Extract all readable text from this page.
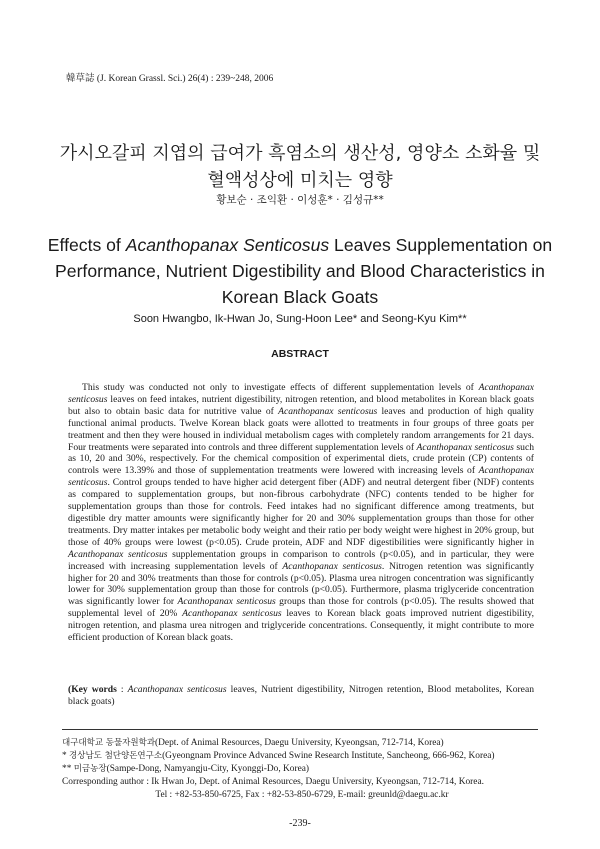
韓草誌 (J. Korean Grassl. Sci.) 26(4) : 239~248, 2006
가시오갈피 지엽의 급여가 흑염소의 생산성, 영양소 소화율 및
혈액성상에 미치는 영향
황보순 · 조익환 · 이성훈* · 김성규**
Effects of Acanthopanax Senticosus Leaves Supplementation on
Performance, Nutrient Digestibility and Blood Characteristics in
Korean Black Goats
Soon Hwangbo, Ik-Hwan Jo, Sung-Hoon Lee* and Seong-Kyu Kim**
ABSTRACT
This study was conducted not only to investigate effects of different supplementation levels of Acanthopanax senticosus leaves on feed intakes, nutrient digestibility, nitrogen retention, and blood metabolites in Korean black goats but also to obtain basic data for nutritive value of Acanthopanax senticosus leaves and production of high quality functional animal products. Twelve Korean black goats were allotted to treatments in four groups of three goats per treatment and then they were housed in individual metabolism cages with completely random arrangements for 21 days. Four treatments were separated into controls and three different supplementation levels of Acanthopanax senticosus such as 10, 20 and 30%, respectively. For the chemical composition of experimental diets, crude protein (CP) contents of controls were 13.39% and those of supplementation treatments were lowered with increasing levels of Acanthopanax senticosus. Control groups tended to have higher acid detergent fiber (ADF) and neutral detergent fiber (NDF) contents as compared to supplementation groups, but non-fibrous carbohydrate (NFC) contents tended to be higher for supplementation groups than those for controls. Feed intakes had no significant difference among treatments, but digestible dry matter amounts were significantly higher for 20 and 30% supplementation groups than those for other treatments. Dry matter intakes per metabolic body weight and their ratio per body weight were highest in 20% group, but those of 40% groups were lowest (p<0.05). Crude protein, ADF and NDF digestibilities were significantly higher in Acanthopanax senticosus supplementation groups in comparison to controls (p<0.05), and in particular, they were increased with increasing supplementation levels of Acanthopanax senticosus. Nitrogen retention was significantly higher for 20 and 30% treatments than those for controls (p<0.05). Plasma urea nitrogen concentration was significantly lower for 30% supplementation group than those for controls (p<0.05). Furthermore, plasma triglyceride concentration was significantly lower for Acanthopanax senticosus groups than those for controls (p<0.05). The results showed that supplemental level of 20% Acanthopanax senticosus leaves to Korean black goats improved nutrient digestibility, nitrogen retention, and plasma urea nitrogen and triglyceride concentrations. Consequently, it might contribute to more efficient production of Korean black goats.
(Key words : Acanthopanax senticosus leaves, Nutrient digestibility, Nitrogen retention, Blood metabolites, Korean black goats)
대구대학교 동물자원학과(Dept. of Animal Resources, Daegu University, Kyeongsan, 712-714, Korea)
* 경상남도 첨단양돈연구소(Gyeongnam Province Advanced Swine Research Institute, Sancheong, 666-962, Korea)
** 미금농장(Sampe-Dong, Namyangju-City, Kyonggi-Do, Korea)
Corresponding author : Ik Hwan Jo, Dept. of Animal Resources, Daegu University, Kyeongsan, 712-714, Korea.
Tel : +82-53-850-6725, Fax : +82-53-850-6729, E-mail: greunld@daegu.ac.kr
-239-
